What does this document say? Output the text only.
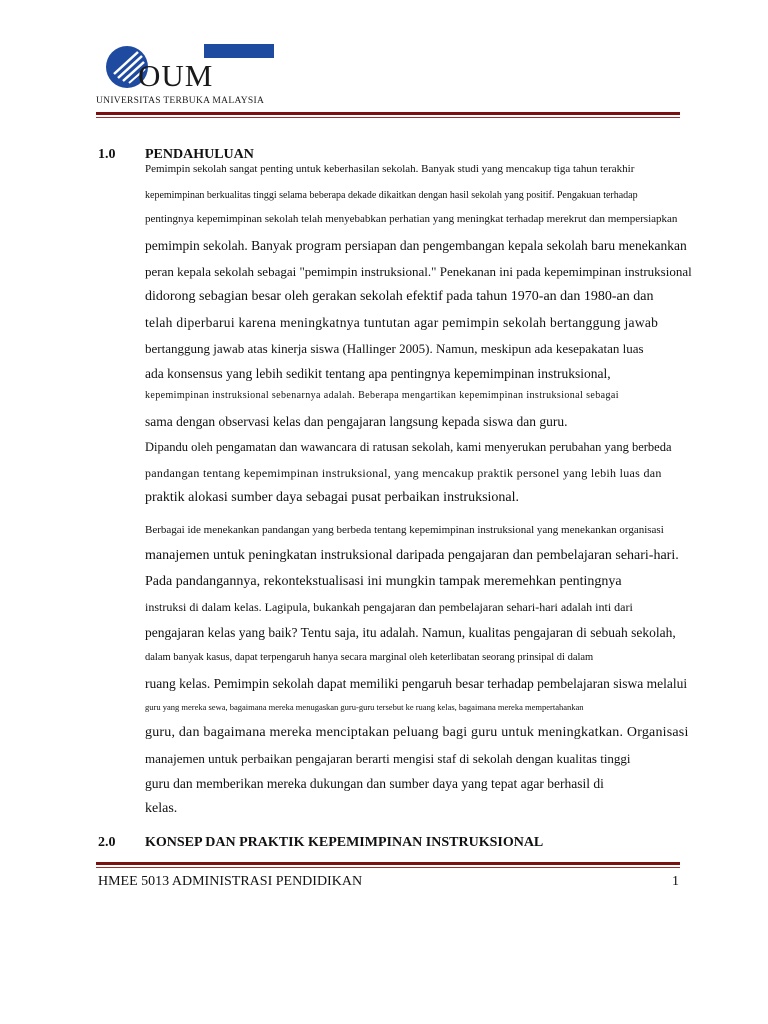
OUM
UNIVERSITAS TERBUKA MALAYSIA
1.0 PENDAHULUAN
Pemimpin sekolah sangat penting untuk keberhasilan sekolah. Banyak studi yang mencakup tiga tahun terakhir
kepemimpinan berkualitas tinggi selama beberapa dekade dikaitkan dengan hasil sekolah yang positif. Pengakuan terhadap
pentingnya kepemimpinan sekolah telah menyebabkan perhatian yang meningkat terhadap merekrut dan mempersiapkan
pemimpin sekolah. Banyak program persiapan dan pengembangan kepala sekolah baru menekankan
peran kepala sekolah sebagai "pemimpin instruksional." Penekanan ini pada kepemimpinan instruksional
didorong sebagian besar oleh gerakan sekolah efektif pada tahun 1970-an dan 1980-an dan
telah diperbarui karena meningkatnya tuntutan agar pemimpin sekolah bertanggung jawab
bertanggung jawab atas kinerja siswa (Hallinger 2005). Namun, meskipun ada kesepakatan luas
ada konsensus yang lebih sedikit tentang apa pentingnya kepemimpinan instruksional,
kepemimpinan instruksional sebenarnya adalah. Beberapa mengartikan kepemimpinan instruksional sebagai
sama dengan observasi kelas dan pengajaran langsung kepada siswa dan guru.
Dipandu oleh pengamatan dan wawancara di ratusan sekolah, kami menyerukan perubahan yang berbeda
pandangan tentang kepemimpinan instruksional, yang mencakup praktik personel yang lebih luas dan
praktik alokasi sumber daya sebagai pusat perbaikan instruksional.
Berbagai ide menekankan pandangan yang berbeda tentang kepemimpinan instruksional yang menekankan organisasi
manajemen untuk peningkatan instruksional daripada pengajaran dan pembelajaran sehari-hari.
Pada pandangannya, rekontekstualisasi ini mungkin tampak meremehkan pentingnya
instruksi di dalam kelas. Lagipula, bukankah pengajaran dan pembelajaran sehari-hari adalah inti dari
pengajaran kelas yang baik? Tentu saja, itu adalah. Namun, kualitas pengajaran di sebuah sekolah,
dalam banyak kasus, dapat terpengaruh hanya secara marginal oleh keterlibatan seorang prinsipal di dalam
ruang kelas. Pemimpin sekolah dapat memiliki pengaruh besar terhadap pembelajaran siswa melalui
guru yang mereka sewa, bagaimana mereka menugaskan guru-guru tersebut ke ruang kelas, bagaimana mereka mempertahankan
guru, dan bagaimana mereka menciptakan peluang bagi guru untuk meningkatkan. Organisasi
manajemen untuk perbaikan pengajaran berarti mengisi staf di sekolah dengan kualitas tinggi
guru dan memberikan mereka dukungan dan sumber daya yang tepat agar berhasil di
kelas.
2.0 KONSEP DAN PRAKTIK KEPEMIMPINAN INSTRUKSIONAL
HMEE 5013 ADMINISTRASI PENDIDIKAN	1
